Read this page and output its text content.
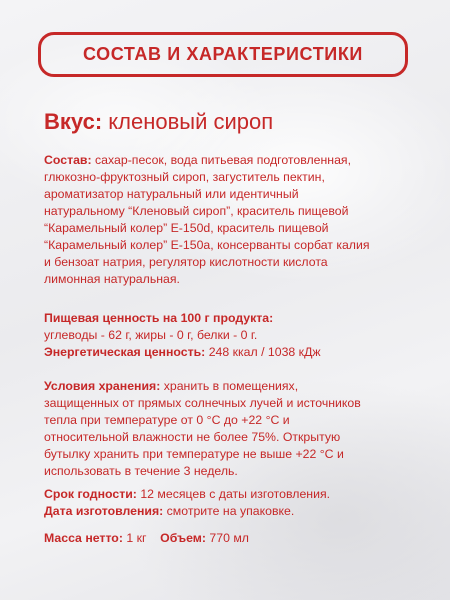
СОСТАВ И ХАРАКТЕРИСТИКИ
Вкус: кленовый сироп
Состав: сахар-песок, вода питьевая подготовленная, глюкозно-фруктозный сироп, загуститель пектин, ароматизатор натуральный или идентичный натуральному “Кленовый сироп”, краситель пищевой “Карамельный колер” Е-150d, краситель пищевой “Карамельный колер” Е-150a, консерванты сорбат калия и бензоат натрия, регулятор кислотности кислота лимонная натуральная.
Пищевая ценность на 100 г продукта:
углеводы - 62 г, жиры - 0 г, белки - 0 г.
Энергетическая ценность: 248 ккал / 1038 кДж
Условия хранения: хранить в помещениях, защищенных от прямых солнечных лучей и источников тепла при температуре от 0 °С до +22 °С и относительной влажности не более 75%. Открытую бутылку хранить при температуре не выше +22 °С и использовать в течение 3 недель.
Срок годности: 12 месяцев с даты изготовления.
Дата изготовления: смотрите на упаковке.
Масса нетто: 1 кг Объем: 770 мл
